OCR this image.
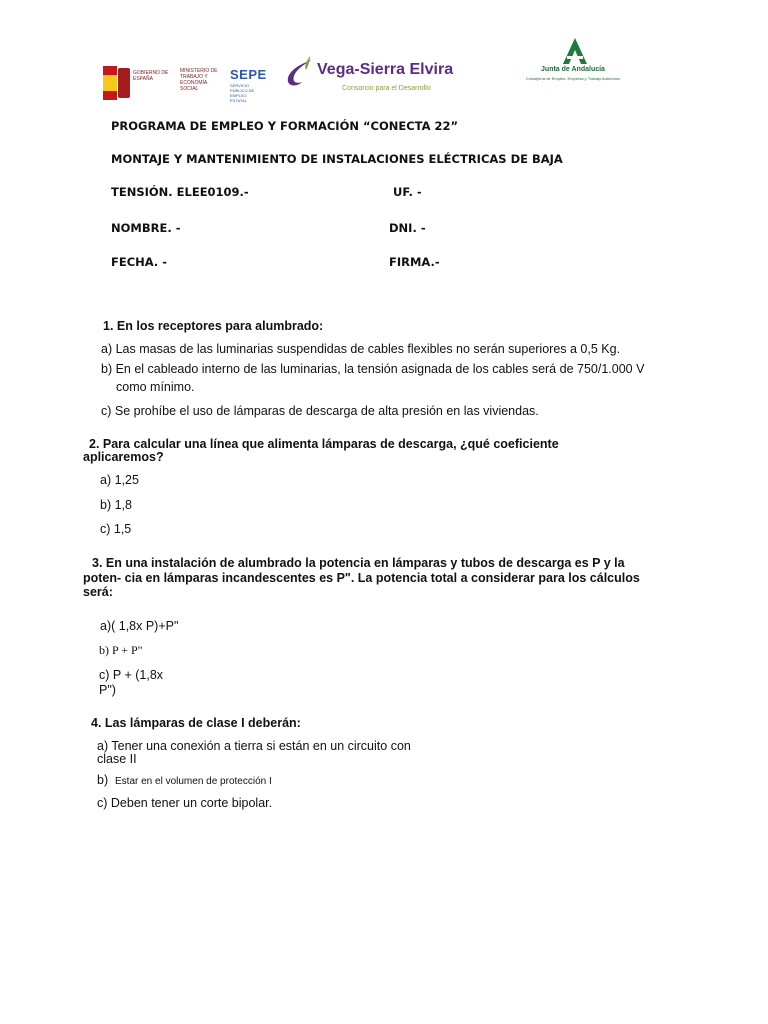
GOBIERNO DE ESPAÑA
MINISTERIO DE TRABAJO Y ECONOMÍA SOCIAL
SEPE
SERVICIO PÚBLICO DE EMPLEO ESTATAL
Vega-Sierra Elvira
Consorcio para el Desarrollo
Junta de Andalucía
Consejería de Empleo, Empresa y Trabajo Autónomo
PROGRAMA DE EMPLEO Y FORMACIÓN “CONECTA 22”
MONTAJE Y MANTENIMIENTO DE INSTALACIONES ELÉCTRICAS DE BAJA
TENSIÓN. ELEE0109.-	UF. -
NOMBRE. -	DNI. -
FECHA. -	FIRMA.-
1. En los receptores para alumbrado:
a) Las masas de las luminarias suspendidas de cables flexibles no serán superiores a 0,5 Kg.
b) En el cableado interno de las luminarias, la tensión asignada de los cables será de 750/1.000 V
como mínimo.
c) Se prohíbe el uso de lámparas de descarga de alta presión en las viviendas.
2. Para calcular una línea que alimenta lámparas de descarga, ¿qué coeficiente
aplicaremos?
a) 1,25
b) 1,8
c) 1,5
3. En una instalación de alumbrado la potencia en lámparas y tubos de descarga es P y la
poten- cia en lámparas incandescentes es P". La potencia total a considerar para los cálculos
será:
a)( 1,8x P)+P"
b) P + P"
c) P + (1,8x
P")
4. Las lámparas de clase I deberán:
a) Tener una conexión a tierra si están en un circuito con
clase II
b) Estar en el volumen de protección I
c) Deben tener un corte bipolar.
